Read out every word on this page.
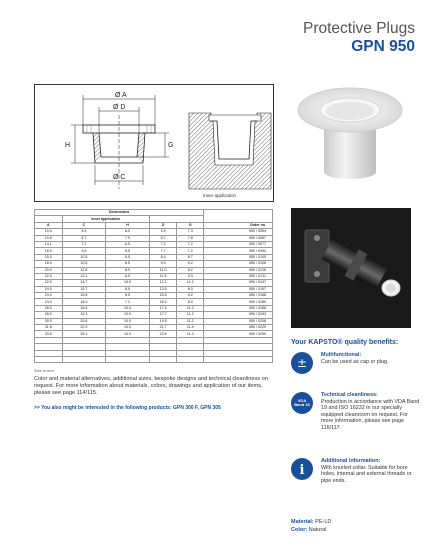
Protective Plugs
GPN 950
Ø A
Ø D
Ø C
H	G
Inner application
Dimensions					
	Inner application				
A	C	H	D	G	Order no.
10.0	5.4	6.0	3.9	7.3	950 / 0054
10.5	5.7	7.0	5.7	7.8	950 / 0067
14.1	7.2	6.5	7.2	7.2	950 / 0077
16.0	9.6	6.5	7.7	7.2	950 / 0092
20.0	10.5	6.5	8.4	6.7	950 / 0105
18.0	10.6	8.5	9.0	9.2	950 / 0106
20.0	12.6	8.0	11.0	8.2	950 / 0126
22.0	13.1	8.0	11.5	9.3	950 / 0131
22.0	14.7	10.0	12.1	11.2	950 / 0147
24.0	15.7	8.0	13.5	8.3	950 / 0157
24.0	16.8	8.5	15.5	9.2	950 / 0168
24.0	18.0	7.2	16.0	8.0	950 / 0180
28.0	18.8	10.0	17.5	11.2	950 / 0188
28.0	19.3	10.0	17.7	11.2	950 / 0193
30.0	20.8	10.0	19.5	11.2	950 / 0208
31.8	22.9	10.0	21.7	11.4	950 / 0229
33.5	25.1	10.0	23.6	11.3	950 / 0250

Size in mm
Color and material alternatives, additional sizes, bespoke designs and technical cleanliness on request. For more information about materials, colors, drawings and application of our items, please see page 114/115.
>> You also might be interested in the following products: GPN 300 F, GPN 305
Your KAPSTO® quality benefits:
±
Multifunctional:
Can be used as cap or plug.
VDA Band 19
Technical cleanliness:
Production in accordance with VDA Band 19 and ISO 16232 in our specially equipped cleanroom on request. For more information, please see page 116/117.
i
Additional information:
With knurled collar. Suitable for bore holes, internal and external threads or pipe ends.
Material: PE-LD
Color: Natural
